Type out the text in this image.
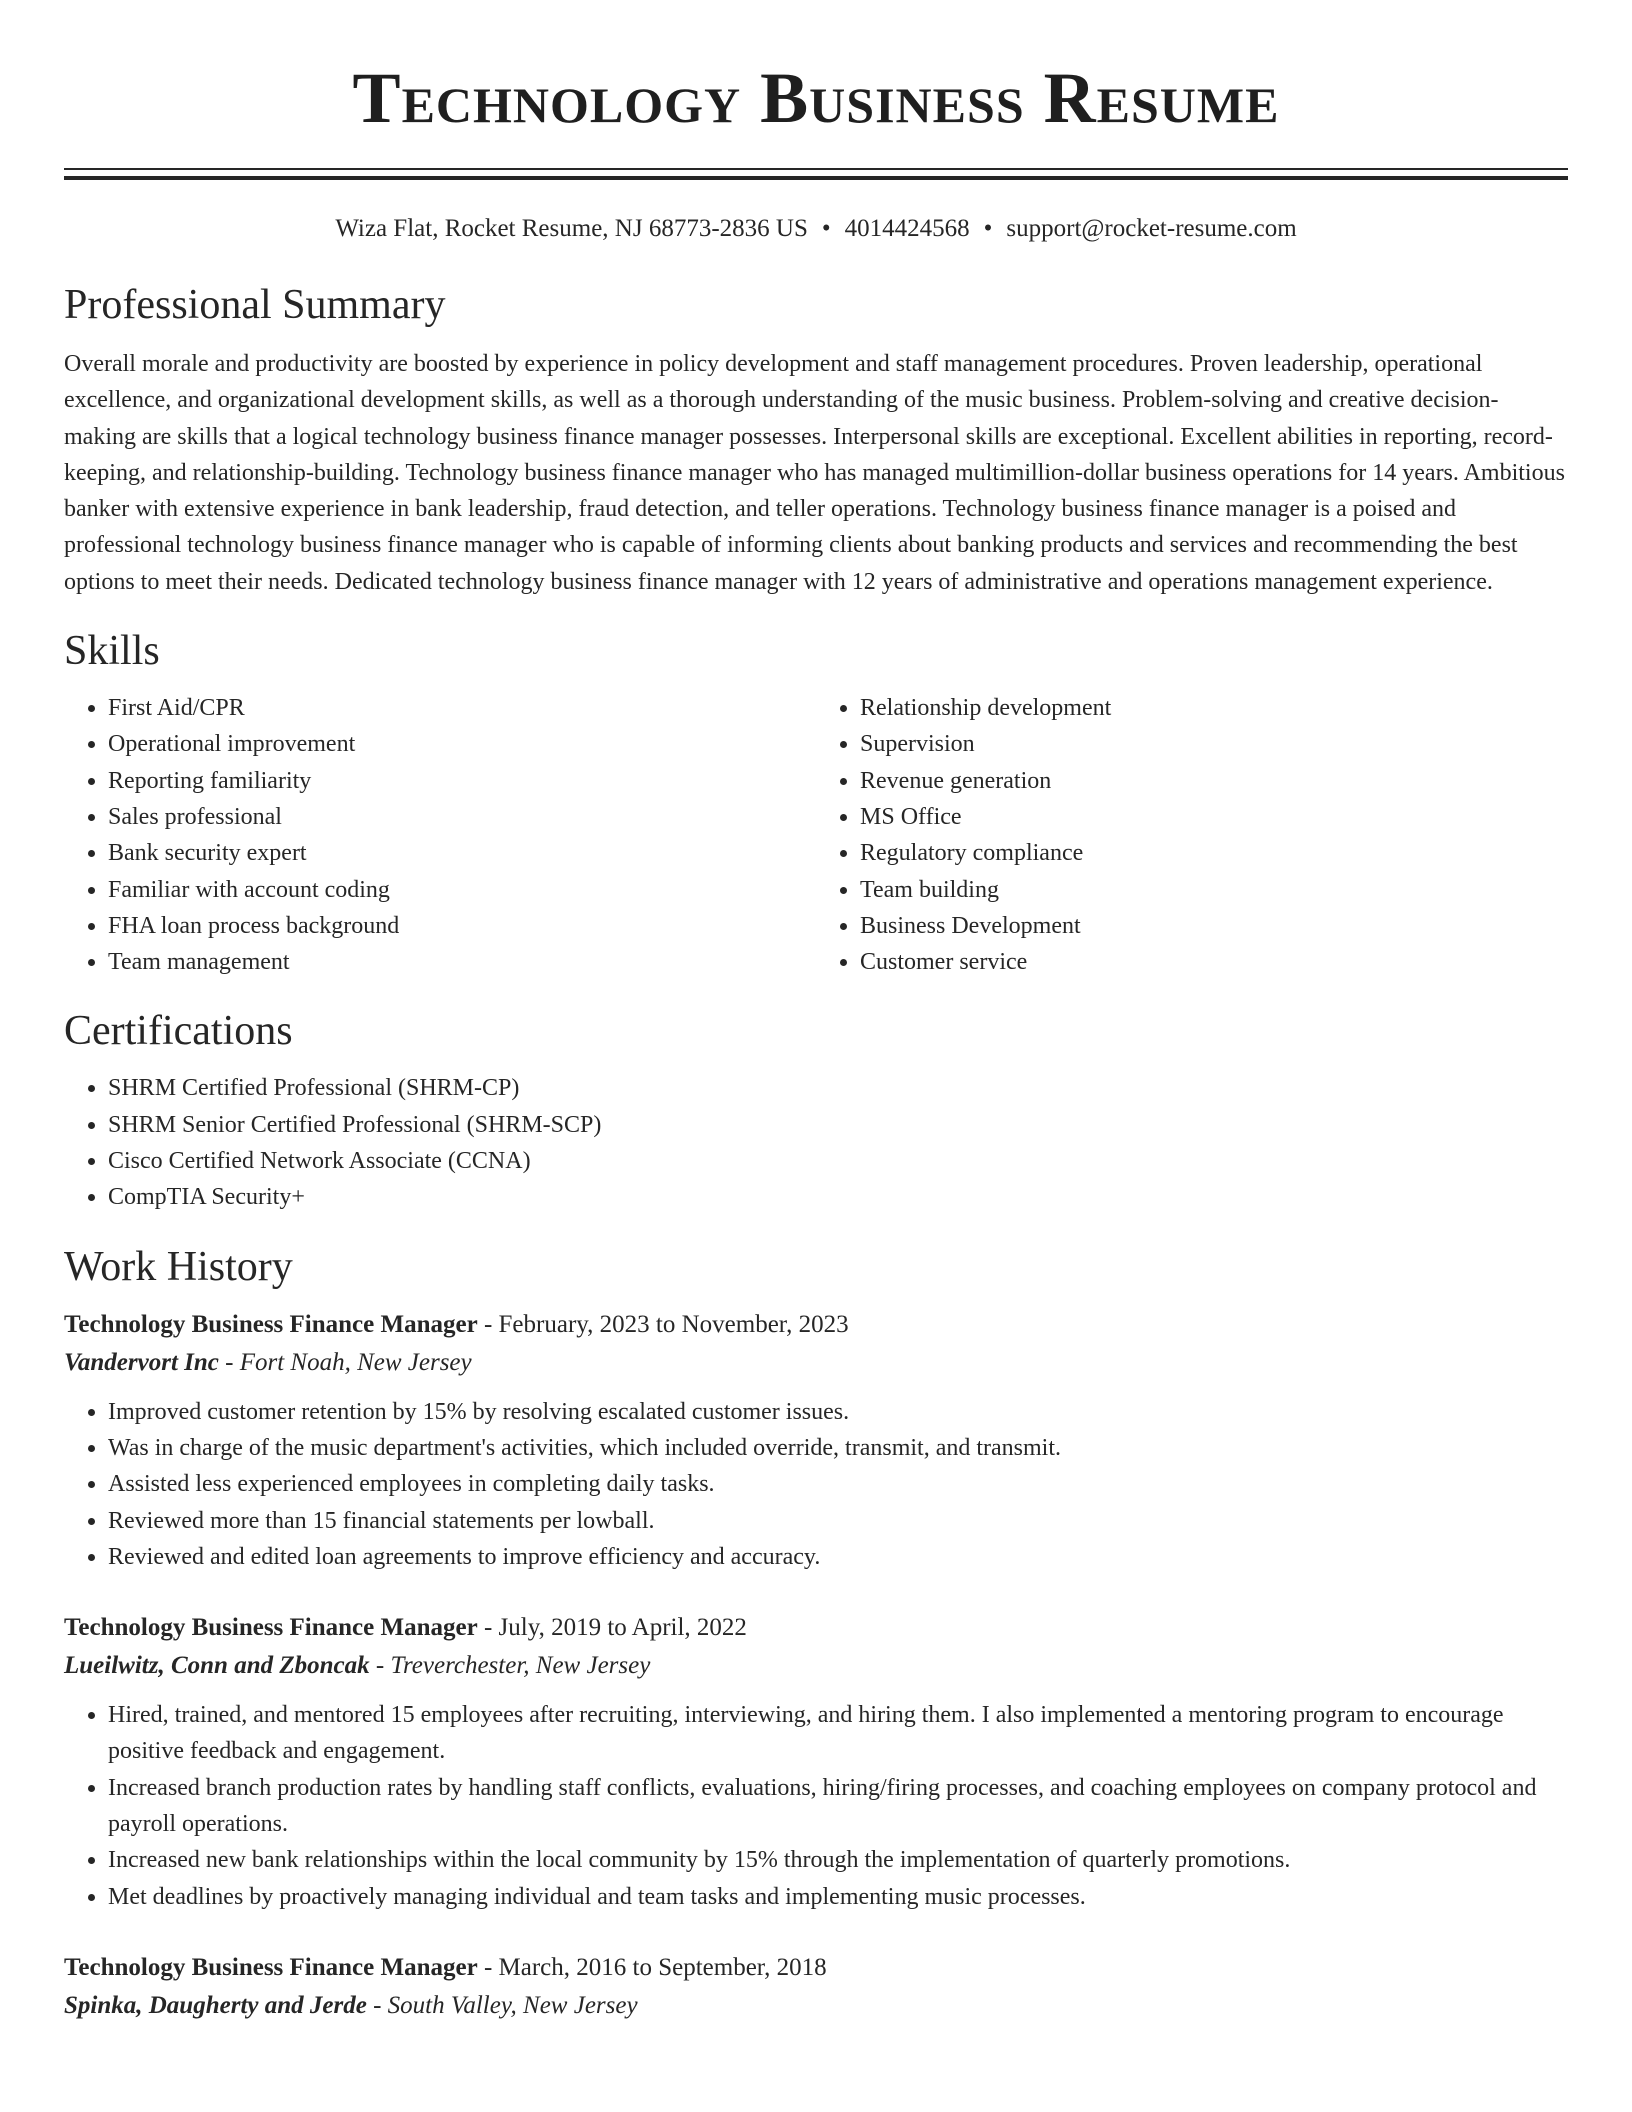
Technology Business Resume
Wiza Flat, Rocket Resume, NJ 68773-2836 US • 4014424568 • support@rocket-resume.com
Professional Summary

Overall morale and productivity are boosted by experience in policy development and staff management procedures. Proven leadership, operational excellence, and organizational development skills, as well as a thorough understanding of the music business. Problem-solving and creative decision-making are skills that a logical technology business finance manager possesses. Interpersonal skills are exceptional. Excellent abilities in reporting, record-keeping, and relationship-building. Technology business finance manager who has managed multimillion-dollar business operations for 14 years. Ambitious banker with extensive experience in bank leadership, fraud detection, and teller operations. Technology business finance manager is a poised and professional technology business finance manager who is capable of informing clients about banking products and services and recommending the best options to meet their needs. Dedicated technology business finance manager with 12 years of administrative and operations management experience.

Skills
• First Aid/CPR
• Operational improvement
• Reporting familiarity
• Sales professional
• Bank security expert
• Familiar with account coding
• FHA loan process background
• Team management
• Relationship development
• Supervision
• Revenue generation
• MS Office
• Regulatory compliance
• Team building
• Business Development
• Customer service
Certifications
• SHRM Certified Professional (SHRM-CP)
• SHRM Senior Certified Professional (SHRM-SCP)
• Cisco Certified Network Associate (CCNA)
• CompTIA Security+
Work History
Technology Business Finance Manager - February, 2023 to November, 2023
Vandervort Inc - Fort Noah, New Jersey
• Improved customer retention by 15% by resolving escalated customer issues.
• Was in charge of the music department's activities, which included override, transmit, and transmit.
• Assisted less experienced employees in completing daily tasks.
• Reviewed more than 15 financial statements per lowball.
• Reviewed and edited loan agreements to improve efficiency and accuracy.
Technology Business Finance Manager - July, 2019 to April, 2022
Lueilwitz, Conn and Zboncak - Treverchester, New Jersey
• Hired, trained, and mentored 15 employees after recruiting, interviewing, and hiring them. I also implemented a mentoring program to encourage positive feedback and engagement.
• Increased branch production rates by handling staff conflicts, evaluations, hiring/firing processes, and coaching employees on company protocol and payroll operations.
• Increased new bank relationships within the local community by 15% through the implementation of quarterly promotions.
• Met deadlines by proactively managing individual and team tasks and implementing music processes.
Technology Business Finance Manager - March, 2016 to September, 2018
Spinka, Daugherty and Jerde - South Valley, New Jersey
